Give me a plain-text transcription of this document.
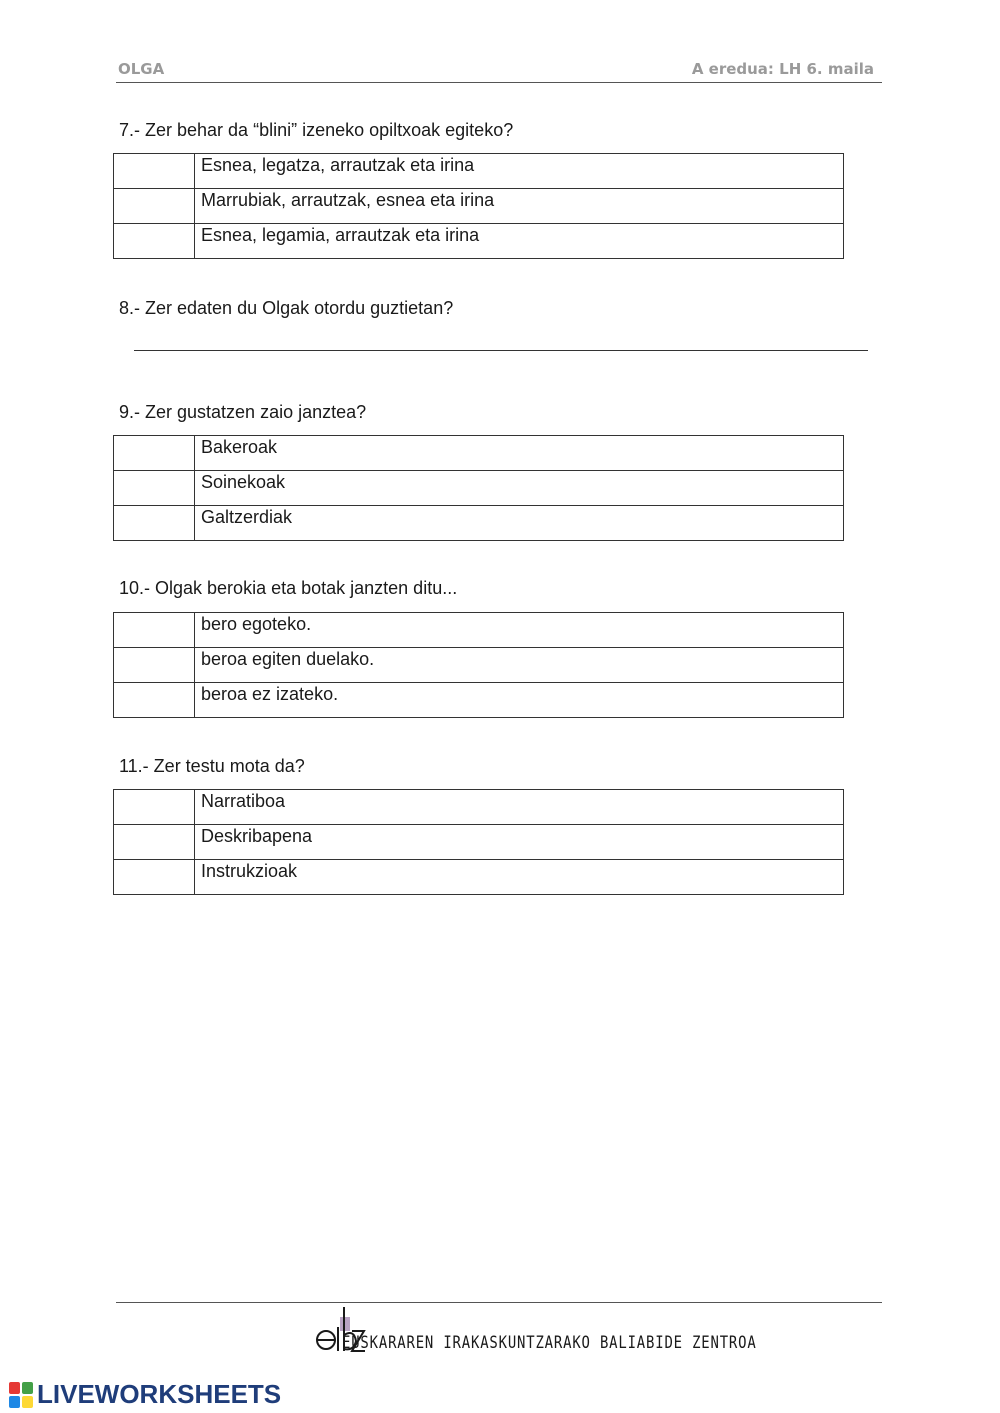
OLGA	A eredua: LH 6. maila
7.- Zer behar da “blini” izeneko opiltxoak egiteko?
	Esnea, legatza, arrautzak eta irina
	Marrubiak, arrautzak, esnea eta irina
	Esnea, legamia, arrautzak eta irina
8.- Zer edaten du Olgak otordu guztietan?
9.- Zer gustatzen zaio janztea?
	Bakeroak
	Soinekoak
	Galtzerdiak
10.- Olgak berokia eta botak janzten ditu...
	bero egoteko.
	beroa egiten duelako.
	beroa ez izateko.
11.- Zer testu mota da?
	Narratiboa
	Deskribapena
	Instrukzioak
EUSKARAREN IRAKASKUNTZARAKO BALIABIDE ZENTROA
LIVEWORKSHEETS
